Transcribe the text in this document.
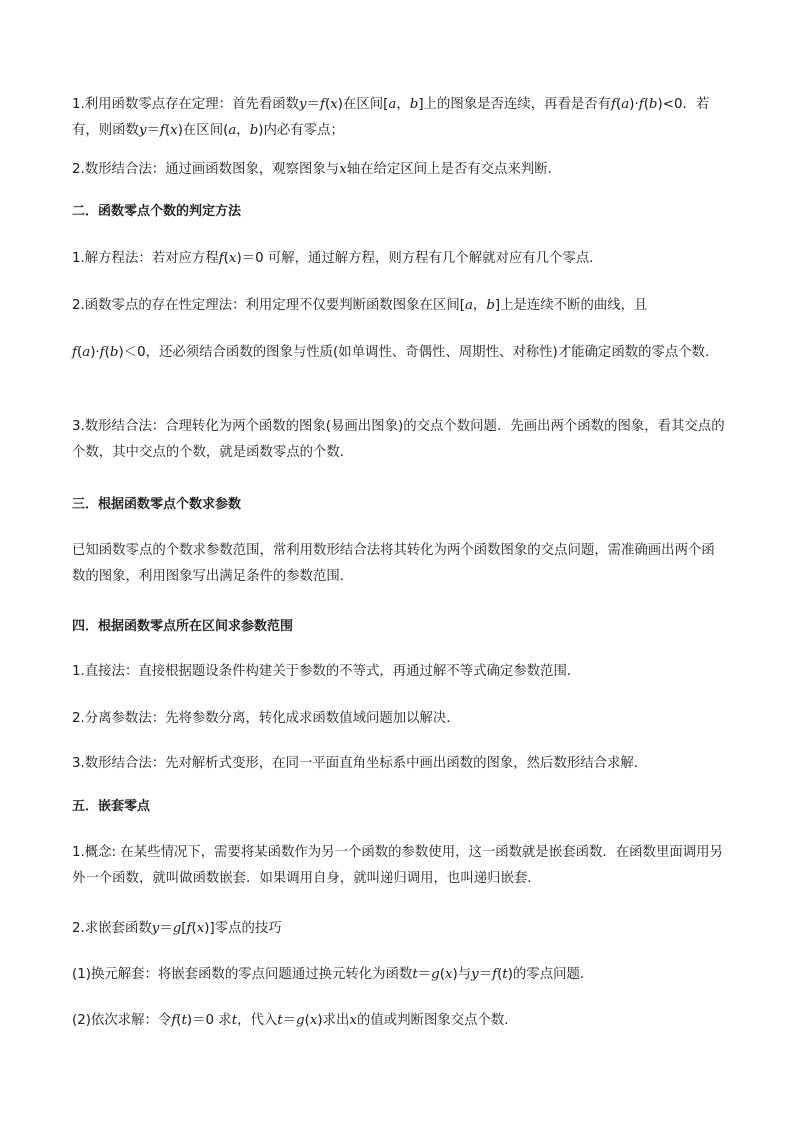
1.利用函数零点存在定理：首先看函数y＝f(x)在区间[a，b]上的图象是否连续，再看是否有f(a)·f(b)<0．若有，则函数y＝f(x)在区间(a，b)内必有零点；

2.数形结合法：通过画函数图象，观察图象与x轴在给定区间上是否有交点来判断．

二．函数零点个数的判定方法

1.解方程法：若对应方程f(x)＝0 可解，通过解方程，则方程有几个解就对应有几个零点．

2.函数零点的存在性定理法：利用定理不仅要判断函数图象在区间[a，b]上是连续不断的曲线，且

f(a)·f(b)＜0，还必须结合函数的图象与性质(如单调性、奇偶性、周期性、对称性)才能确定函数的零点个数．

3.数形结合法：合理转化为两个函数的图象(易画出图象)的交点个数问题．先画出两个函数的图象，看其交点的个数，其中交点的个数，就是函数零点的个数．
三．根据函数零点个数求参数
已知函数零点的个数求参数范围，常利用数形结合法将其转化为两个函数图象的交点问题，需准确画出两个函数的图象，利用图象写出满足条件的参数范围．
四．根据函数零点所在区间求参数范围
1.直接法：直接根据题设条件构建关于参数的不等式，再通过解不等式确定参数范围．
2.分离参数法：先将参数分离，转化成求函数值域问题加以解决．
3.数形结合法：先对解析式变形，在同一平面直角坐标系中画出函数的图象，然后数形结合求解．
五．嵌套零点
1.概念: 在某些情况下，需要将某函数作为另一个函数的参数使用，这一函数就是嵌套函数．在函数里面调用另外一个函数，就叫做函数嵌套．如果调用自身，就叫递归调用，也叫递归嵌套．

2.求嵌套函数y＝g[f(x)]零点的技巧

(1)换元解套：将嵌套函数的零点问题通过换元转化为函数t＝g(x)与y＝f(t)的零点问题．

(2)依次求解：令f(t)＝0 求t，代入t＝g(x)求出x的值或判断图象交点个数．
